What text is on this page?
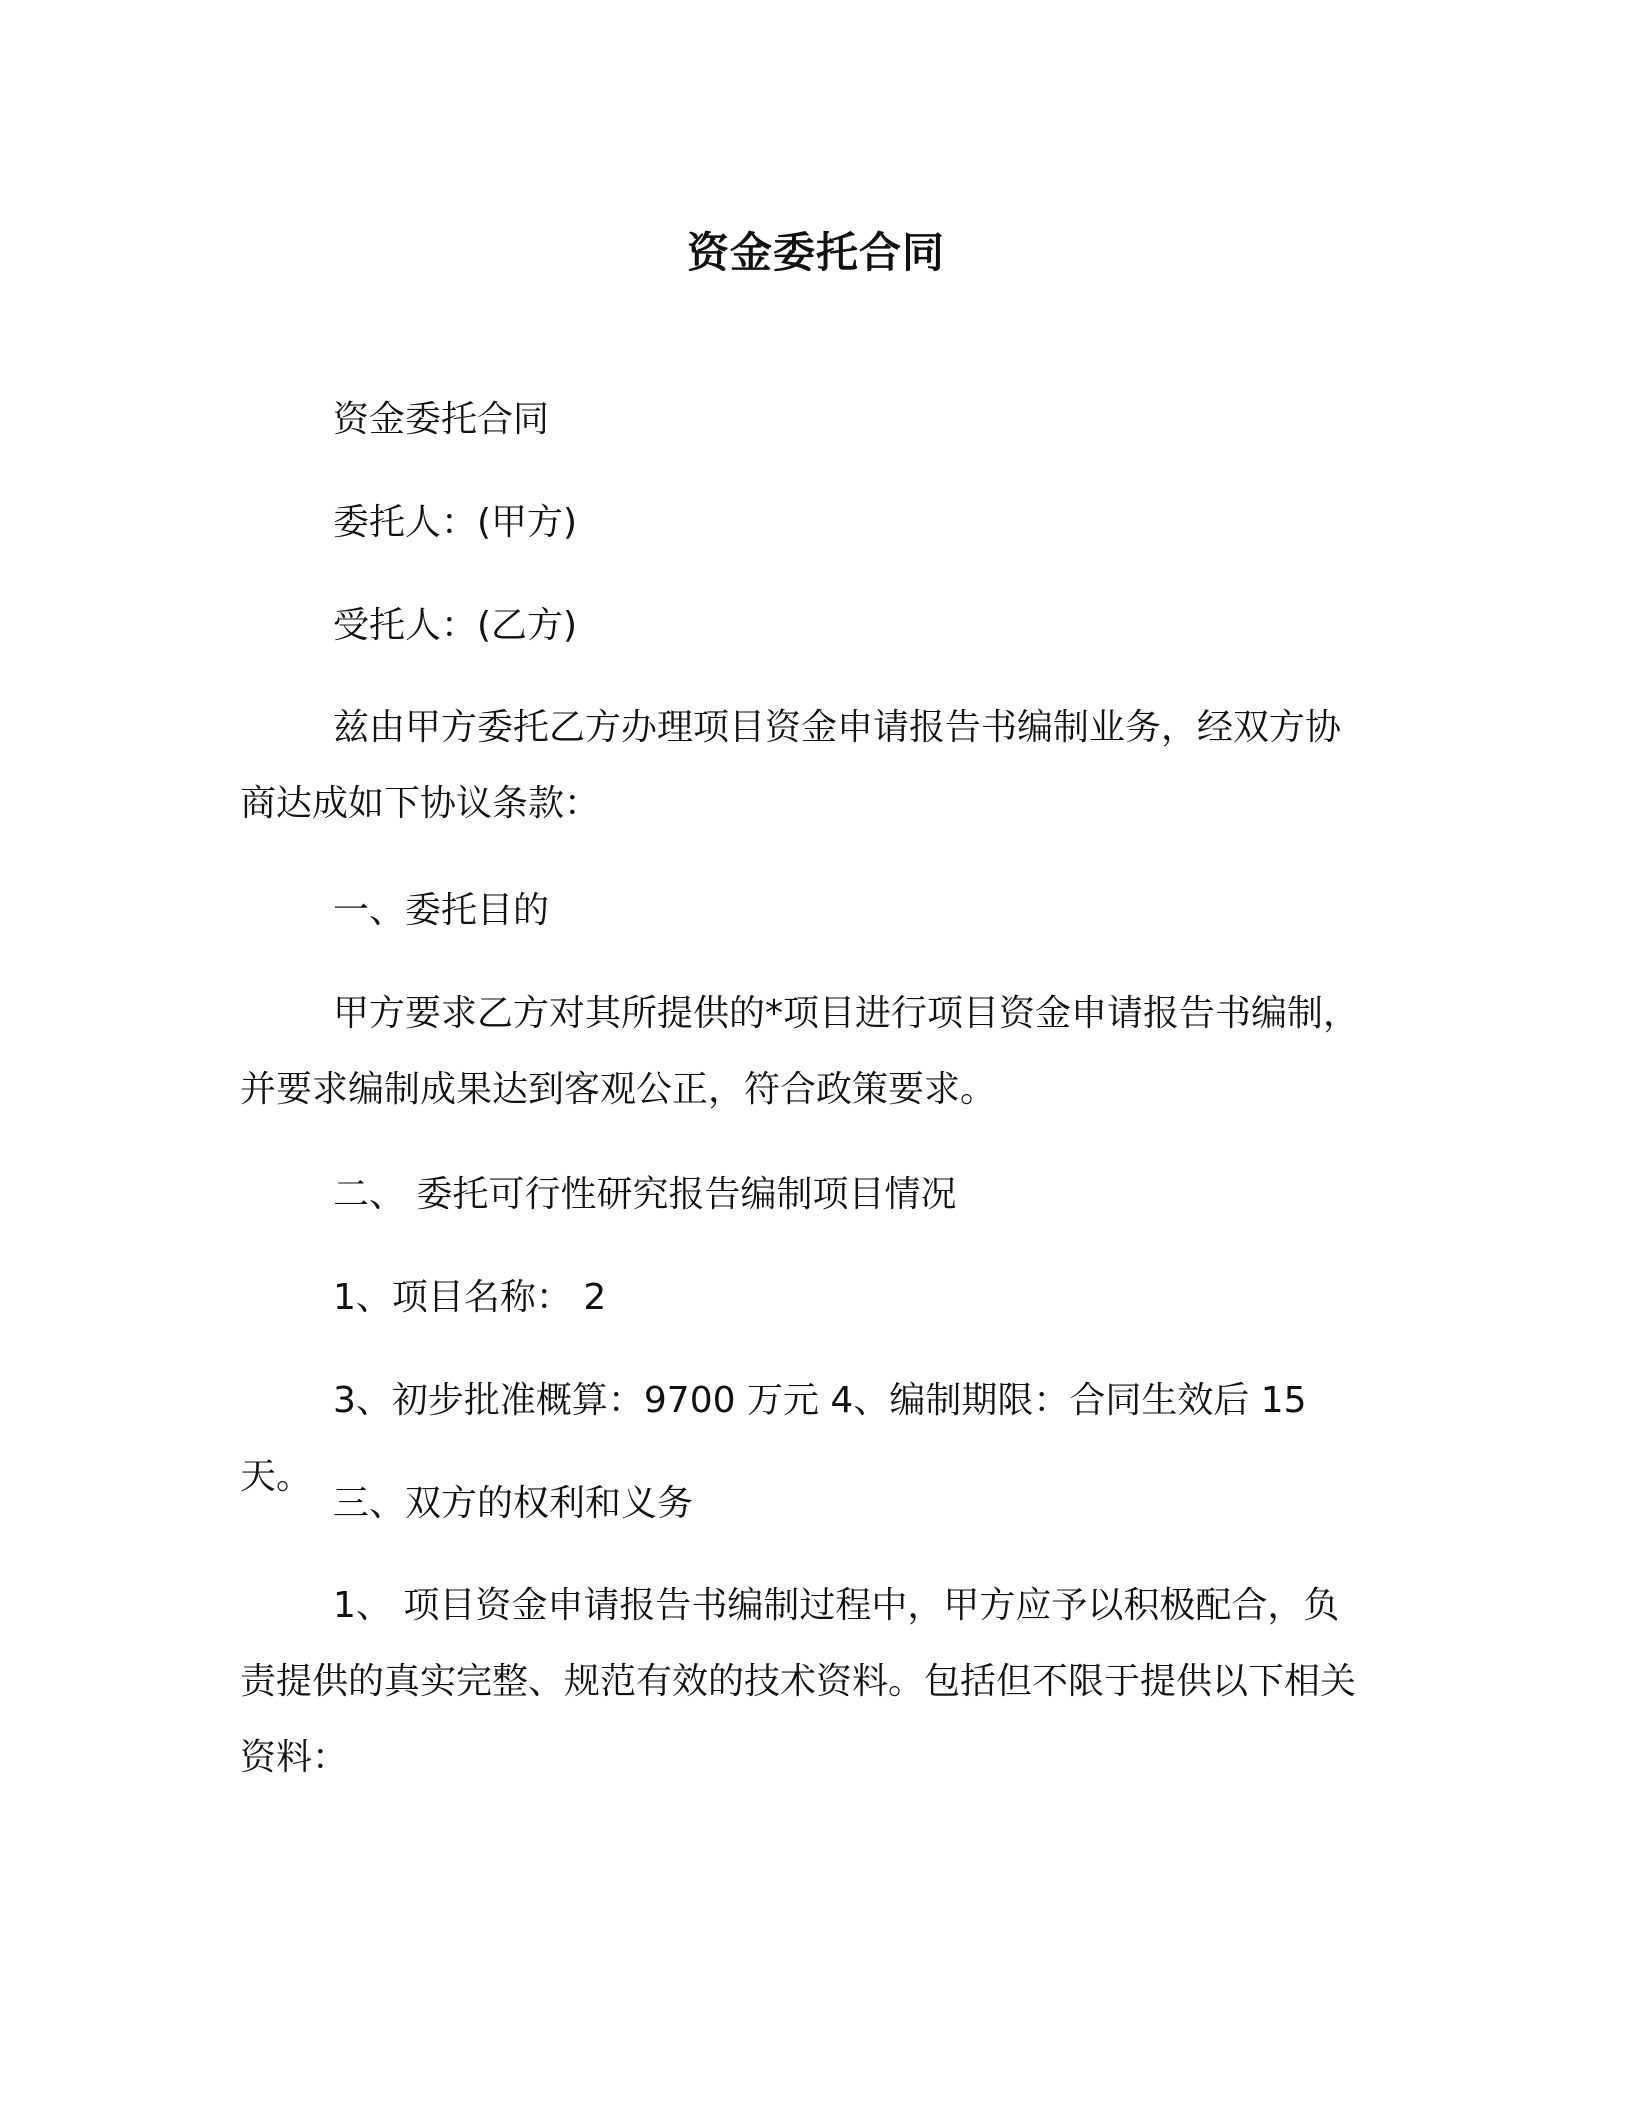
资金委托合同
资金委托合同
委托人：(甲方)
受托人：(乙方)
兹由甲方委托乙方办理项目资金申请报告书编制业务，经双方协商达成如下协议条款：
一、委托目的
甲方要求乙方对其所提供的*项目进行项目资金申请报告书编制，并要求编制成果达到客观公正，符合政策要求。
二、 委托可行性研究报告编制项目情况
1、项目名称： 2
3、初步批准概算：9700 万元 4、编制期限：合同生效后 15 天。
三、双方的权利和义务
1、 项目资金申请报告书编制过程中，甲方应予以积极配合，负责提供的真实完整、规范有效的技术资料。包括但不限于提供以下相关资料：
